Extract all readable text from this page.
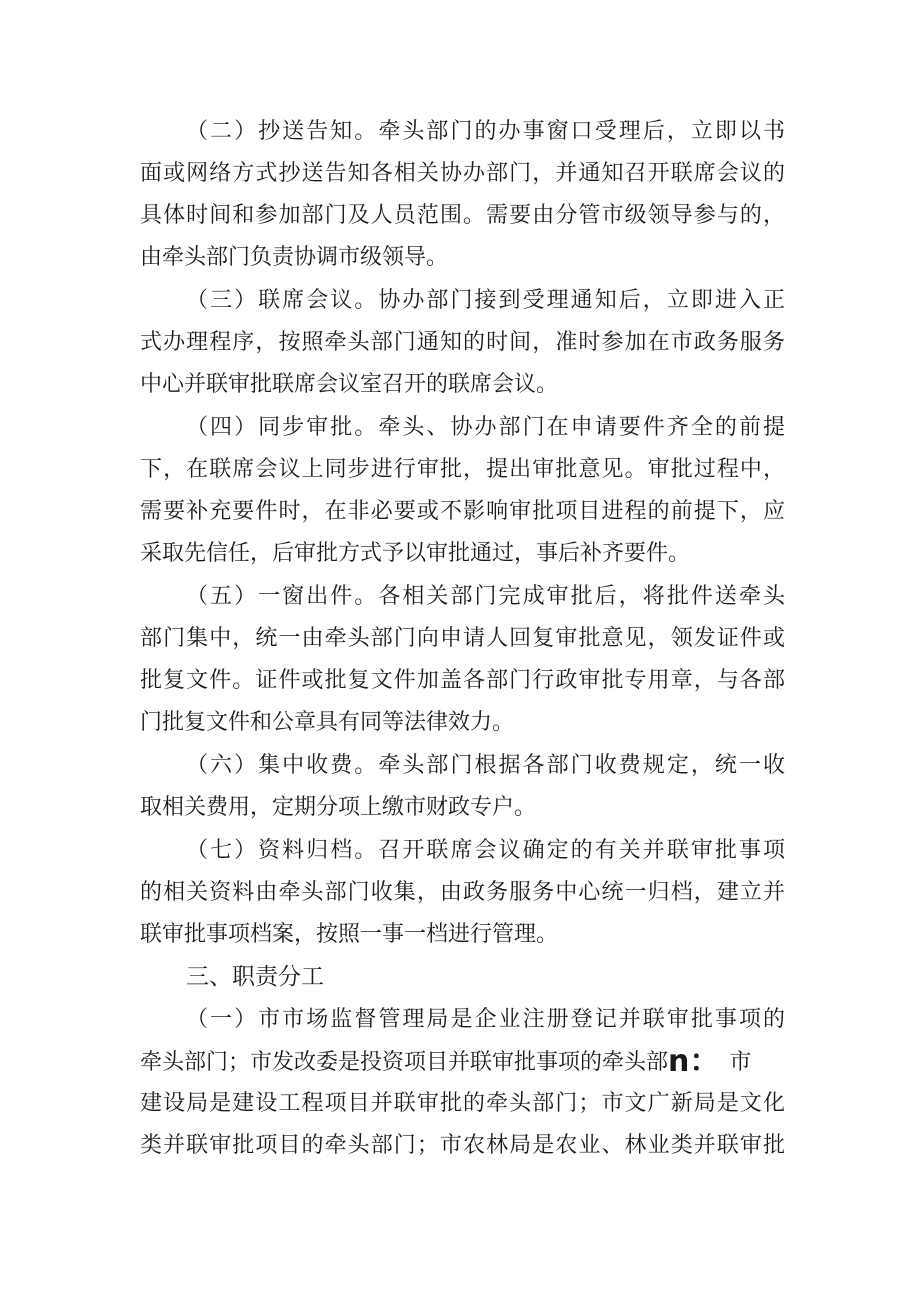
（二）抄送告知。牵头部门的办事窗口受理后，立即以书
面或网络方式抄送告知各相关协办部门，并通知召开联席会议的
具体时间和参加部门及人员范围。需要由分管市级领导参与的，
由牵头部门负责协调市级领导。
（三）联席会议。协办部门接到受理通知后，立即进入正
式办理程序，按照牵头部门通知的时间，准时参加在市政务服务
中心并联审批联席会议室召开的联席会议。
（四）同步审批。牵头、协办部门在申请要件齐全的前提
下，在联席会议上同步进行审批，提出审批意见。审批过程中，
需要补充要件时，在非必要或不影响审批项目进程的前提下，应
采取先信任，后审批方式予以审批通过，事后补齐要件。
（五）一窗出件。各相关部门完成审批后，将批件送牵头
部门集中，统一由牵头部门向申请人回复审批意见，领发证件或
批复文件。证件或批复文件加盖各部门行政审批专用章，与各部
门批复文件和公章具有同等法律效力。
（六）集中收费。牵头部门根据各部门收费规定，统一收
取相关费用，定期分项上缴市财政专户。
（七）资料归档。召开联席会议确定的有关并联审批事项
的相关资料由牵头部门收集，由政务服务中心统一归档，建立并
联审批事项档案，按照一事一档进行管理。
三、职责分工
（一）市市场监督管理局是企业注册登记并联审批事项的
牵头部门；市发改委是投资项目并联审批事项的牵头部n： 市
建设局是建设工程项目并联审批的牵头部门；市文广新局是文化
类并联审批项目的牵头部门；市农林局是农业、林业类并联审批
